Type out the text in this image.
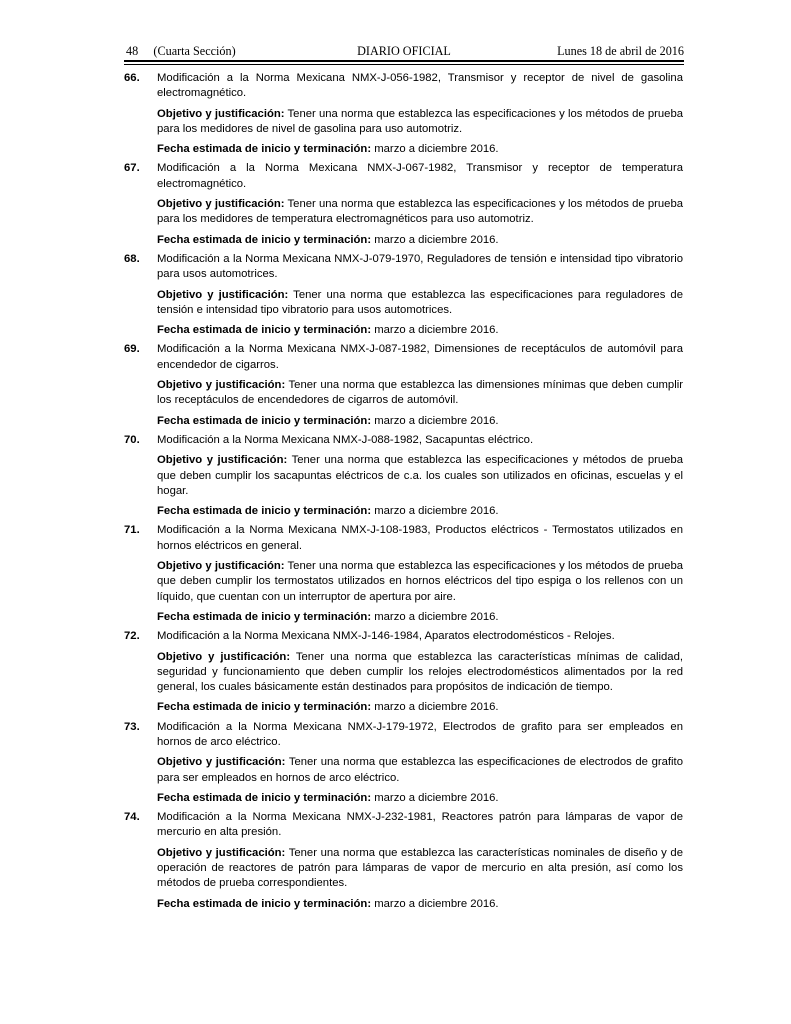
48     (Cuarta Sección)	DIARIO OFICIAL	Lunes 18 de abril de 2016
66. Modificación a la Norma Mexicana NMX-J-056-1982, Transmisor y receptor de nivel de gasolina electromagnético.

Objetivo y justificación: Tener una norma que establezca las especificaciones y los métodos de prueba para los medidores de nivel de gasolina para uso automotriz.

Fecha estimada de inicio y terminación: marzo a diciembre 2016.

67. Modificación a la Norma Mexicana NMX-J-067-1982, Transmisor y receptor de temperatura electromagnético.

Objetivo y justificación: Tener una norma que establezca las especificaciones y los métodos de prueba para los medidores de temperatura electromagnéticos para uso automotriz.

Fecha estimada de inicio y terminación: marzo a diciembre 2016.

68. Modificación a la Norma Mexicana NMX-J-079-1970, Reguladores de tensión e intensidad tipo vibratorio para usos automotrices.

Objetivo y justificación: Tener una norma que establezca las especificaciones para reguladores de tensión e intensidad tipo vibratorio para usos automotrices.

Fecha estimada de inicio y terminación: marzo a diciembre 2016.

69. Modificación a la Norma Mexicana NMX-J-087-1982, Dimensiones de receptáculos de automóvil para encendedor de cigarros.

Objetivo y justificación: Tener una norma que establezca las dimensiones mínimas que deben cumplir los receptáculos de encendedores de cigarros de automóvil.

Fecha estimada de inicio y terminación: marzo a diciembre 2016.

70. Modificación a la Norma Mexicana NMX-J-088-1982, Sacapuntas eléctrico.

Objetivo y justificación: Tener una norma que establezca las especificaciones y métodos de prueba que deben cumplir los sacapuntas eléctricos de c.a. los cuales son utilizados en oficinas, escuelas y el hogar.

Fecha estimada de inicio y terminación: marzo a diciembre 2016.

71. Modificación a la Norma Mexicana NMX-J-108-1983, Productos eléctricos - Termostatos utilizados en hornos eléctricos en general.

Objetivo y justificación: Tener una norma que establezca las especificaciones y los métodos de prueba que deben cumplir los termostatos utilizados en hornos eléctricos del tipo espiga o los rellenos con un líquido, que cuentan con un interruptor de apertura por aire.

Fecha estimada de inicio y terminación: marzo a diciembre 2016.

72. Modificación a la Norma Mexicana NMX-J-146-1984, Aparatos electrodomésticos - Relojes.

Objetivo y justificación: Tener una norma que establezca las características mínimas de calidad, seguridad y funcionamiento que deben cumplir los relojes electrodomésticos alimentados por la red general, los cuales básicamente están destinados para propósitos de indicación de tiempo.

Fecha estimada de inicio y terminación: marzo a diciembre 2016.

73. Modificación a la Norma Mexicana NMX-J-179-1972, Electrodos de grafito para ser empleados en hornos de arco eléctrico.

Objetivo y justificación: Tener una norma que establezca las especificaciones de electrodos de grafito para ser empleados en hornos de arco eléctrico.

Fecha estimada de inicio y terminación: marzo a diciembre 2016.

74. Modificación a la Norma Mexicana NMX-J-232-1981, Reactores patrón para lámparas de vapor de mercurio en alta presión.

Objetivo y justificación: Tener una norma que establezca las características nominales de diseño y de operación de reactores de patrón para lámparas de vapor de mercurio en alta presión, así como los métodos de prueba correspondientes.

Fecha estimada de inicio y terminación: marzo a diciembre 2016.
